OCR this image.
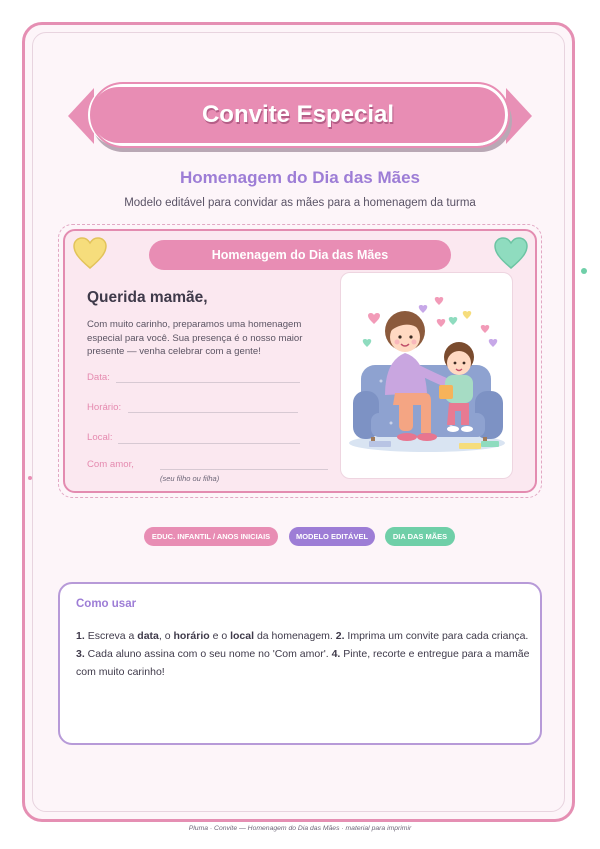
Convite Especial
Homenagem do Dia das Mães
Modelo editável para convidar as mães para a homenagem da turma
Homenagem do Dia das Mães
Querida mamãe,
Com muito carinho, preparamos uma homenagem especial para você. Sua presença é o nosso maior presente — venha celebrar com a gente!
Data:
Horário:
Local:
Com amor,
(seu filho ou filha)
EDUC. INFANTIL / ANOS INICIAIS	MODELO EDITÁVEL	DIA DAS MÃES
Como usar
1. Escreva a data, o horário e o local da homenagem. 2. Imprima um convite para cada criança.
3. Cada aluno assina com o seu nome no 'Com amor'. 4. Pinte, recorte e entregue para a mamãe com muito carinho!
Pluma · Convite — Homenagem do Dia das Mães · material para imprimir
